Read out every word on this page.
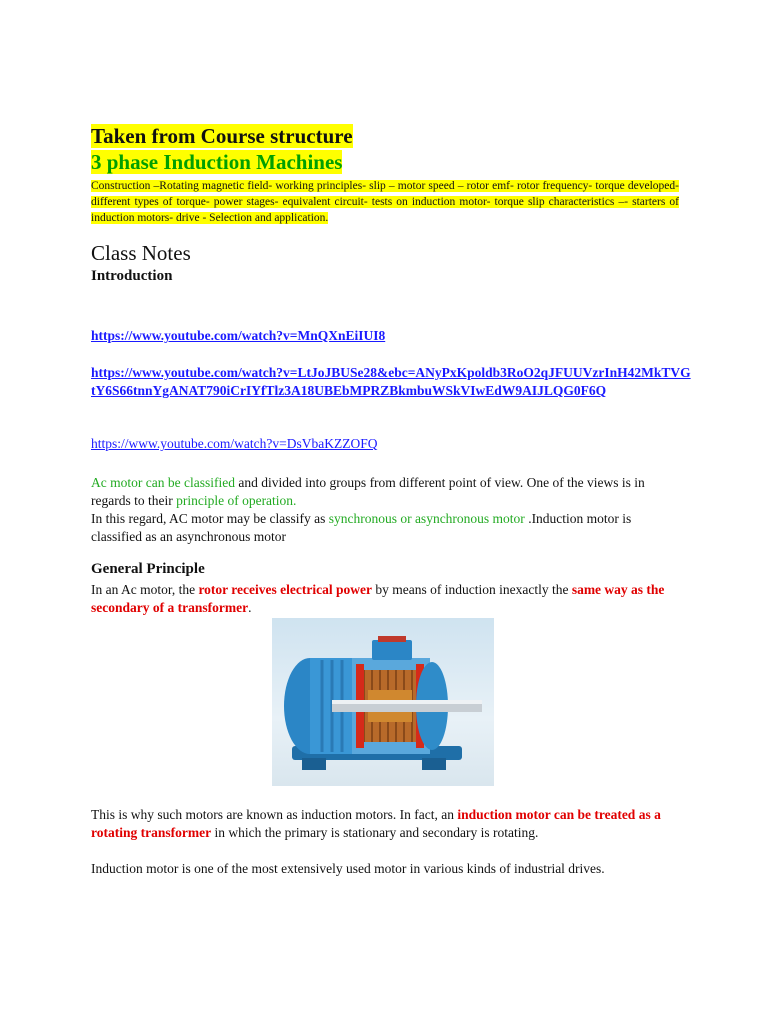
Taken from Course structure
3 phase Induction Machines
Construction –Rotating magnetic field- working principles- slip – motor speed – rotor emf- rotor frequency- torque developed- different types of torque- power stages- equivalent circuit- tests on induction motor- torque slip characteristics –- starters of induction motors- drive - Selection and application.
Class Notes
Introduction
https://www.youtube.com/watch?v=MnQXnEiIUI8
https://www.youtube.com/watch?v=LtJoJBUSe28&ebc=ANyPxKpoldb3RoO2qJFUUVzrInH42MkTVGtY6S66tnnYgANAT790iCrIYfTlz3A18UBEbMPRZBkmbuWSkVIwEdW9AIJLQG0F6Q
https://www.youtube.com/watch?v=DsVbaKZZOFQ
Ac motor can be classified and divided into groups from different point of view. One of the views is in regards to their principle of operation.
In this regard, AC motor may be classify as synchronous or asynchronous motor .Induction motor is classified as an asynchronous motor
General Principle
In an Ac motor, the rotor receives electrical power by means of induction inexactly the same way as the secondary of a transformer.
This is why such motors are known as induction motors. In fact, an induction motor can be treated as a rotating transformer in which the primary is stationary and secondary is rotating.
Induction motor is one of the most extensively used motor in various kinds of industrial drives.
